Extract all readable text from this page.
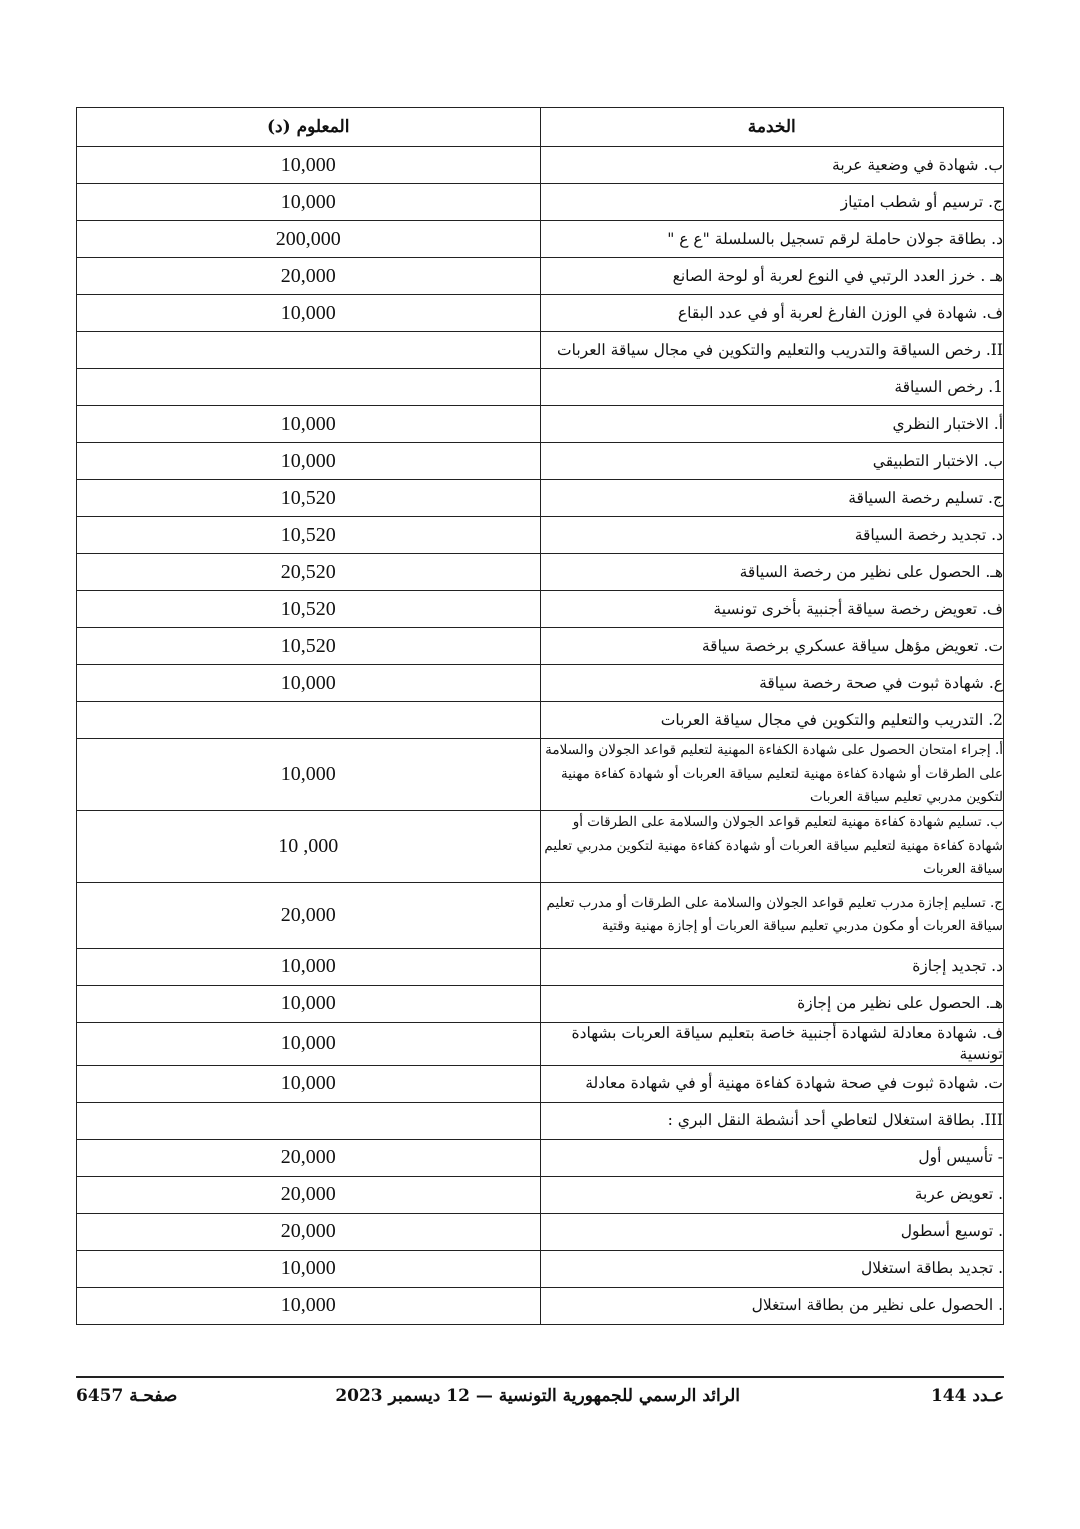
المعلوم (د)	الخدمة
10,000	ب. شهادة في وضعية عربة
10,000	ج. ترسيم أو شطب امتياز
200,000	د. بطاقة جولان حاملة لرقم تسجيل بالسلسلة "ع ع "
20,000	هـ . خرز العدد الرتبي في النوع لعربة أو لوحة الصانع
10,000	ف. شهادة في الوزن الفارغ لعربة أو في عدد البقاع
	II. رخص السياقة والتدريب والتعليم والتكوين في مجال سياقة العربات
	1. رخص السياقة
10,000	أ. الاختبار النظري
10,000	ب. الاختبار التطبيقي
10,520	ج. تسليم رخصة السياقة
10,520	د. تجديد رخصة السياقة
20,520	هـ. الحصول على نظير من رخصة السياقة
10,520	ف. تعويض رخصة سياقة أجنبية بأخرى تونسية
10,520	ت. تعويض مؤهل سياقة عسكري برخصة سياقة
10,000	ع. شهادة ثبوت في صحة رخصة سياقة
	2. التدريب والتعليم والتكوين في مجال سياقة العربات
10,000	أ. إجراء امتحان الحصول على شهادة الكفاءة المهنية لتعليم قواعد الجولان والسلامة على الطرقات أو شهادة كفاءة مهنية لتعليم سياقة العربات أو شهادة كفاءة مهنية لتكوين مدربي تعليم سياقة العربات
10 ,000	ب. تسليم شهادة كفاءة مهنية لتعليم قواعد الجولان والسلامة على الطرقات أو شهادة كفاءة مهنية لتعليم سياقة العربات أو شهادة كفاءة مهنية لتكوين مدربي تعليم سياقة العربات
20,000	ج. تسليم إجازة مدرب تعليم قواعد الجولان والسلامة على الطرقات أو مدرب تعليم سياقة العربات أو مكون مدربي تعليم سياقة العربات أو إجازة مهنية وقتية
10,000	د. تجديد إجازة
10,000	هـ. الحصول على نظير من إجازة
10,000	ف. شهادة معادلة لشهادة أجنبية خاصة بتعليم سياقة العربات بشهادة تونسية
10,000	ت. شهادة ثبوت في صحة شهادة كفاءة مهنية أو في شهادة معادلة
	III. بطاقة استغلال لتعاطي أحد أنشطة النقل البري :
20,000	- تأسيس أول
20,000	. تعويض عربة
20,000	. توسيع أسطول
10,000	. تجديد بطاقة استغلال
10,000	. الحصول على نظير من بطاقة استغلال
صفحـة 6457	الرائد الرسمي للجمهورية التونسية — 12 ديسمبر 2023	عـدد 144
